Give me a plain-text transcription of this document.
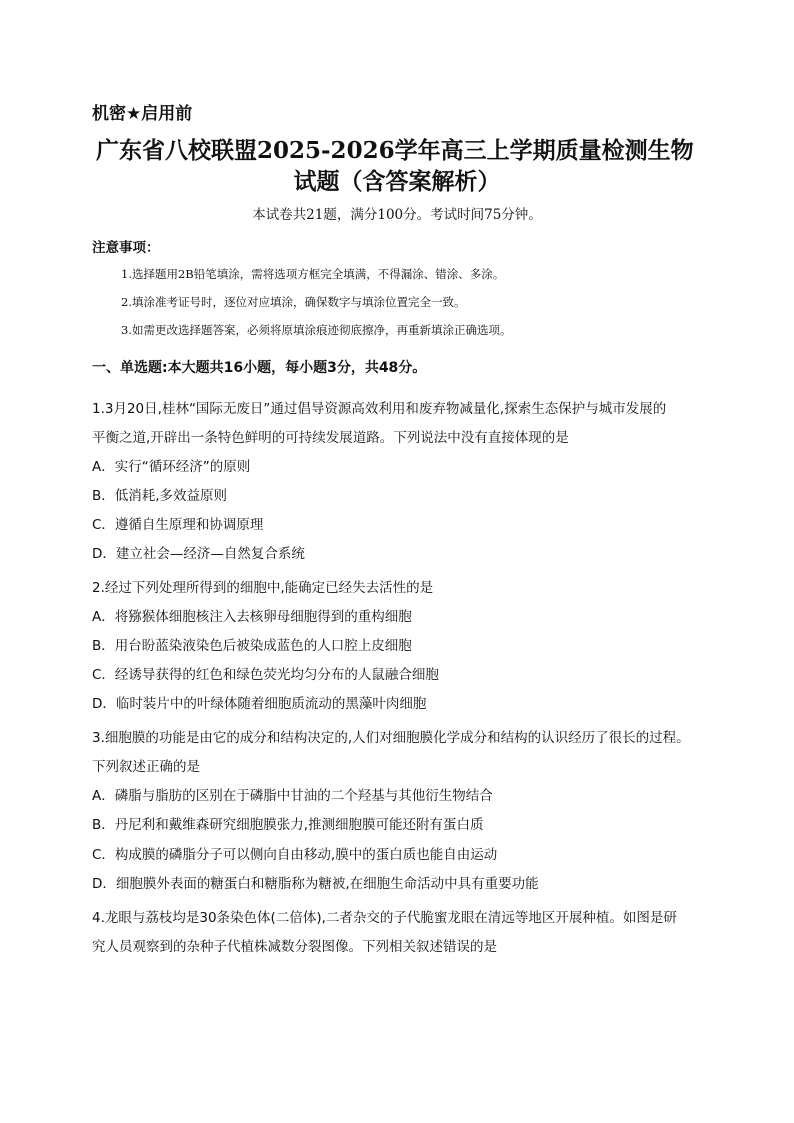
机密★启用前
广东省八校联盟2025-2026学年高三上学期质量检测生物
试题（含答案解析）
本试卷共21题，满分100分。考试时间75分钟。
注意事项：
1.选择题用2B铅笔填涂，需将选项方框完全填满，不得漏涂、错涂、多涂。
2.填涂准考证号时，逐位对应填涂，确保数字与填涂位置完全一致。
3.如需更改选择题答案，必须将原填涂痕迹彻底擦净，再重新填涂正确选项。
一、单选题:本大题共16小题，每小题3分，共48分。
1.3月20日,桂林“国际无废日”通过倡导资源高效利用和废弃物减量化,探索生态保护与城市发展的
平衡之道,开辟出一条特色鲜明的可持续发展道路。下列说法中没有直接体现的是
A．实行“循环经济”的原则
B．低消耗,多效益原则
C．遵循自生原理和协调原理
D．建立社会—经济—自然复合系统
2.经过下列处理所得到的细胞中,能确定已经失去活性的是
A．将猕猴体细胞核注入去核卵母细胞得到的重构细胞
B．用台盼蓝染液染色后被染成蓝色的人口腔上皮细胞
C．经诱导获得的红色和绿色荧光均匀分布的人鼠融合细胞
D．临时装片中的叶绿体随着细胞质流动的黑藻叶肉细胞
3.细胞膜的功能是由它的成分和结构决定的,人们对细胞膜化学成分和结构的认识经历了很长的过程。
下列叙述正确的是
A．磷脂与脂肪的区别在于磷脂中甘油的二个羟基与其他衍生物结合
B．丹尼利和戴维森研究细胞膜张力,推测细胞膜可能还附有蛋白质
C．构成膜的磷脂分子可以侧向自由移动,膜中的蛋白质也能自由运动
D．细胞膜外表面的糖蛋白和糖脂称为糖被,在细胞生命活动中具有重要功能
4.龙眼与荔枝均是30条染色体(二倍体),二者杂交的子代脆蜜龙眼在清远等地区开展种植。如图是研
究人员观察到的杂种子代植株减数分裂图像。下列相关叙述错误的是
